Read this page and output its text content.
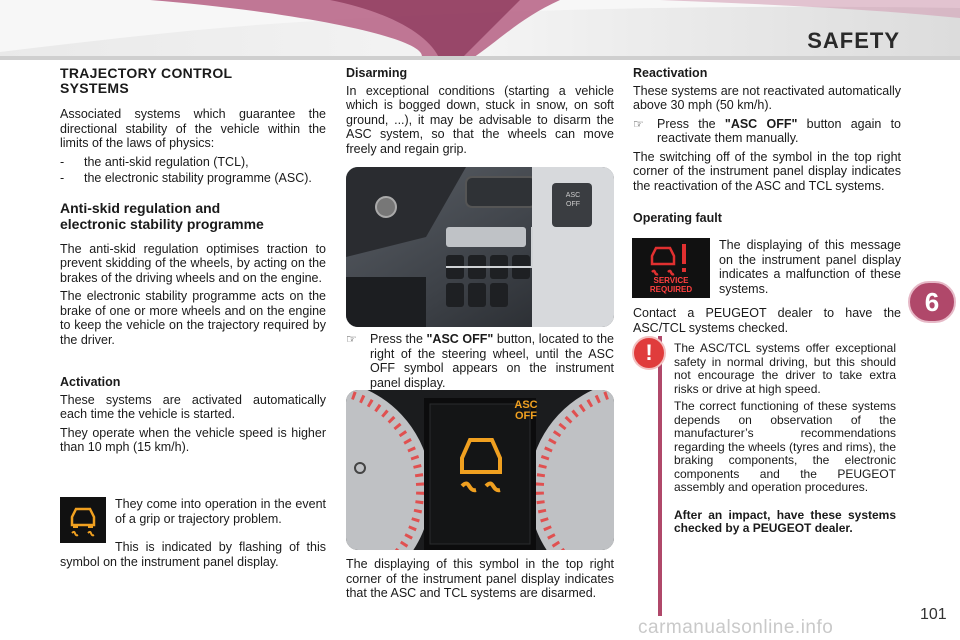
SAFETY
6
TRAJECTORY CONTROL
SYSTEMS

Associated systems which guarantee the directional stability of the vehicle within the limits of the laws of physics:

-	the anti-skid regulation (TCL),
-	the electronic stability programme (ASC).
Anti-skid regulation and
electronic stability programme

The anti-skid regulation optimises traction to prevent skidding of the wheels, by acting on the brakes of the driving wheels and on the engine.

The electronic stability programme acts on the brake of one or more wheels and on the engine to keep the vehicle on the trajectory required by the driver.

Activation

These systems are activated automatically each time the vehicle is started.

They operate when the vehicle speed is higher than 10 mph (15 km/h).

They come into operation in the event of a grip or trajectory problem.

This is indicated by flashing of this symbol on the instrument panel display.

Disarming

In exceptional conditions (starting a vehicle which is bogged down, stuck in snow, on soft ground, ...), it may be advisable to disarm the ASC system, so that the wheels can move freely and regain grip.

ASC OFF
☞	Press the "ASC OFF" button, located to the right of the steering wheel, until the ASC OFF symbol appears on the instrument panel display.
ASC
OFF

The displaying of this symbol in the top right corner of the instrument panel display indicates that the ASC and TCL systems are disarmed.

Reactivation

These systems are not reactivated automatically above 30 mph (50 km/h).

☞	Press the "ASC OFF" button again to reactivate them manually.

The switching off of the symbol in the top right corner of the instrument panel display indicates the reactivation of the ASC and TCL systems.

Operating fault
SERVICE
REQUIRED

The displaying of this message on the instrument panel display indicates a malfunction of these systems.

Contact a PEUGEOT dealer to have the ASC/TCL systems checked.

The ASC/TCL systems offer exceptional safety in normal driving, but this should not encourage the driver to take extra risks or drive at high speed.

The correct functioning of these systems depends on observation of the manufacturer’s recommendations regarding the wheels (tyres and rims), the braking components, the electronic components and the PEUGEOT assembly and operation procedures.

After an impact, have these systems checked by a PEUGEOT dealer.

!
101
carmanualsonline.info
